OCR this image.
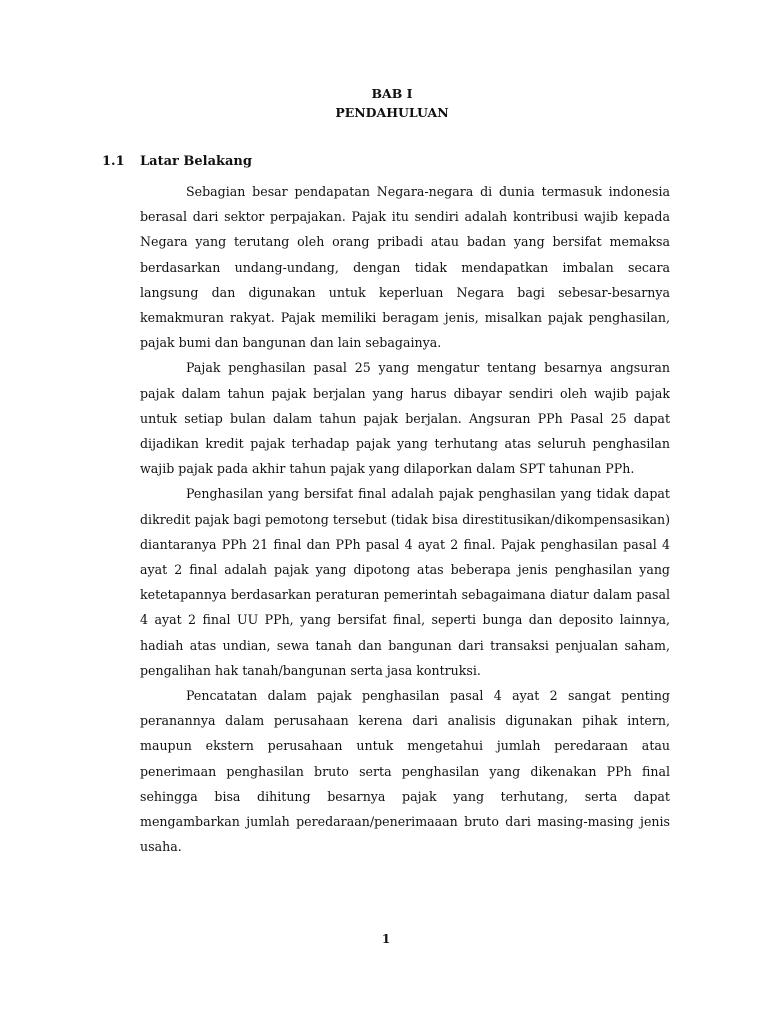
BAB I
PENDAHULUAN
1.1 Latar Belakang

Sebagian besar pendapatan Negara-negara di dunia termasuk indonesia berasal dari sektor perpajakan. Pajak itu sendiri adalah kontribusi wajib kepada Negara yang terutang oleh orang pribadi atau badan yang bersifat memaksa berdasarkan undang-undang, dengan tidak mendapatkan imbalan secara langsung dan digunakan untuk keperluan Negara bagi sebesar-besarnya kemakmuran rakyat. Pajak memiliki beragam jenis, misalkan pajak penghasilan, pajak bumi dan bangunan dan lain sebagainya.

Pajak penghasilan pasal 25 yang mengatur tentang besarnya angsuran pajak dalam tahun pajak berjalan yang harus dibayar sendiri oleh wajib pajak untuk setiap bulan dalam tahun pajak berjalan. Angsuran PPh Pasal 25 dapat dijadikan kredit pajak terhadap pajak yang terhutang atas seluruh penghasilan wajib pajak pada akhir tahun pajak yang dilaporkan dalam SPT tahunan PPh.

Penghasilan yang bersifat final adalah pajak penghasilan yang tidak dapat dikredit pajak bagi pemotong tersebut (tidak bisa direstitusikan/dikompensasikan) diantaranya PPh 21 final dan PPh pasal 4 ayat 2 final. Pajak penghasilan pasal 4 ayat 2 final adalah pajak yang dipotong atas beberapa jenis penghasilan yang ketetapannya berdasarkan peraturan pemerintah sebagaimana diatur dalam pasal 4 ayat 2 final UU PPh, yang bersifat final, seperti bunga dan deposito lainnya, hadiah atas undian, sewa tanah dan bangunan dari transaksi penjualan saham, pengalihan hak tanah/bangunan serta jasa kontruksi.

Pencatatan dalam pajak penghasilan pasal 4 ayat 2 sangat penting peranannya dalam perusahaan kerena dari analisis digunakan pihak intern, maupun ekstern perusahaan untuk mengetahui jumlah peredaraan atau penerimaan penghasilan bruto serta penghasilan yang dikenakan PPh final sehingga bisa dihitung besarnya pajak yang terhutang, serta dapat mengambarkan jumlah peredaraan/penerimaaan bruto dari masing-masing jenis usaha.

1
